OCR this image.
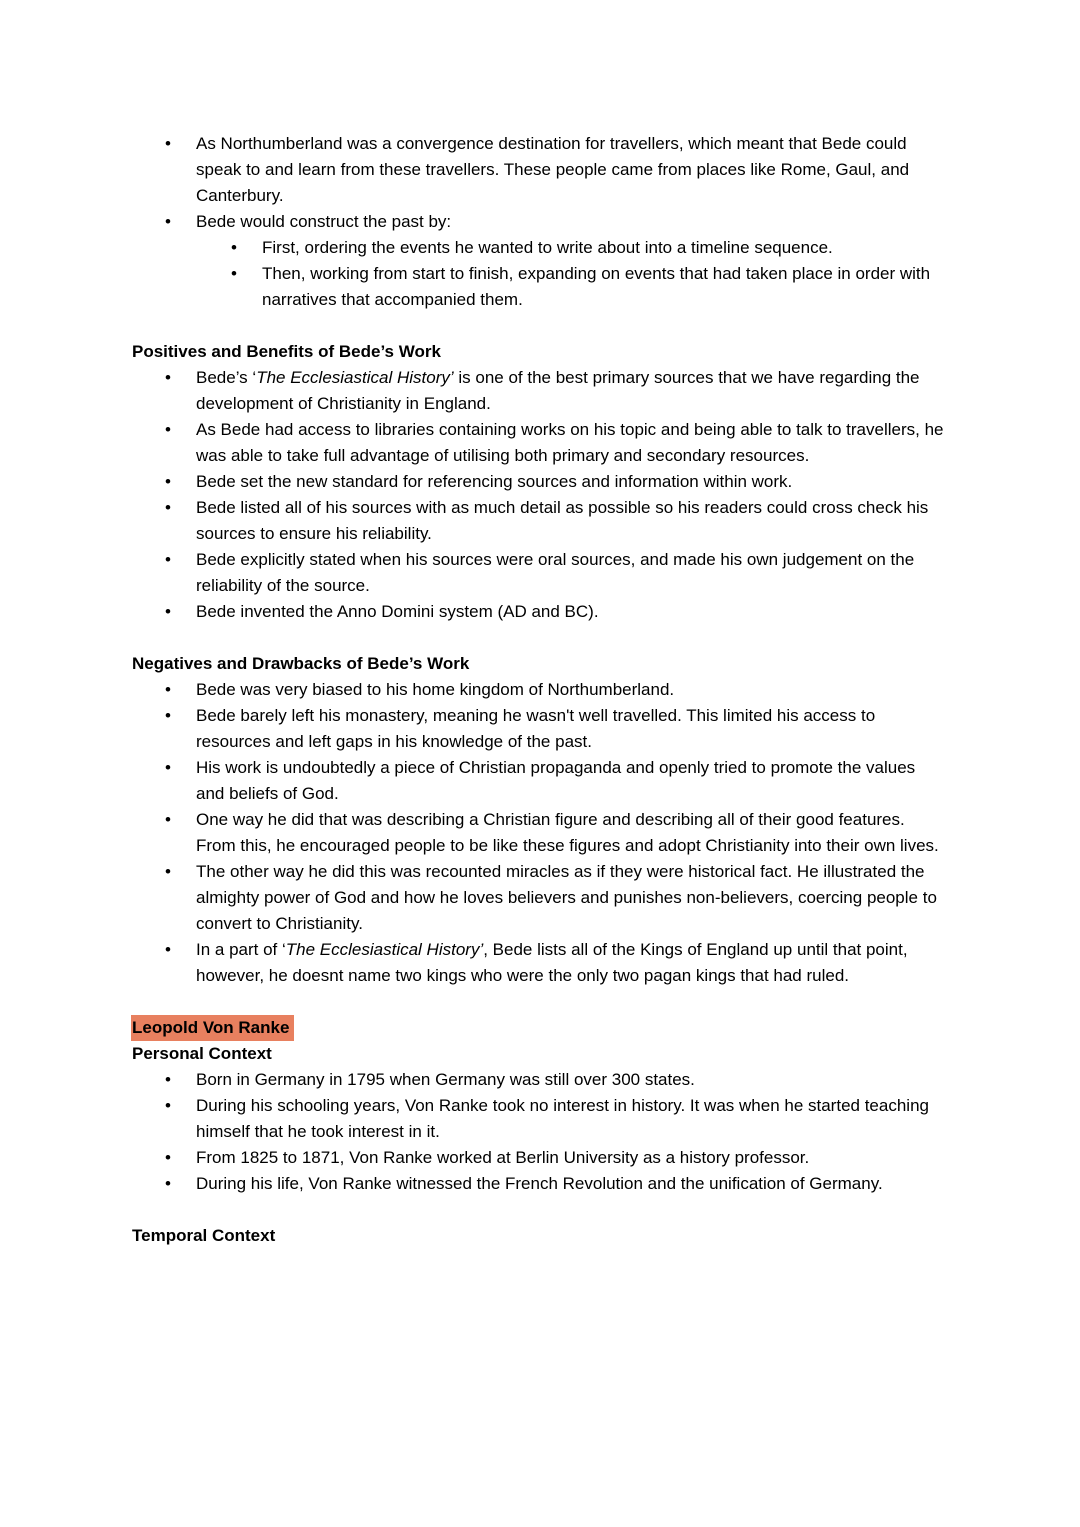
•	As Northumberland was a convergence destination for travellers, which meant that Bede could speak to and learn from these travellers. These people came from places like Rome, Gaul, and Canterbury.
•	Bede would construct the past by:
•	First, ordering the events he wanted to write about into a timeline sequence.
•	Then, working from start to finish, expanding on events that had taken place in order with narratives that accompanied them.

Positives and Benefits of Bede’s Work

•	Bede’s ‘The Ecclesiastical History’ is one of the best primary sources that we have regarding the development of Christianity in England.
•	As Bede had access to libraries containing works on his topic and being able to talk to travellers, he was able to take full advantage of utilising both primary and secondary resources.
•	Bede set the new standard for referencing sources and information within work.
•	Bede listed all of his sources with as much detail as possible so his readers could cross check his sources to ensure his reliability.
•	Bede explicitly stated when his sources were oral sources, and made his own judgement on the reliability of the source.
•	Bede invented the Anno Domini system (AD and BC).

Negatives and Drawbacks of Bede’s Work

•	Bede was very biased to his home kingdom of Northumberland.
•	Bede barely left his monastery, meaning he wasn't well travelled. This limited his access to resources and left gaps in his knowledge of the past.
•	His work is undoubtedly a piece of Christian propaganda and openly tried to promote the values and beliefs of God.
•	One way he did that was describing a Christian figure and describing all of their good features. From this, he encouraged people to be like these figures and adopt Christianity into their own lives.
•	The other way he did this was recounted miracles as if they were historical fact. He illustrated the almighty power of God and how he loves believers and punishes non-believers, coercing people to convert to Christianity.
•	In a part of ‘The Ecclesiastical History’, Bede lists all of the Kings of England up until that point, however, he doesnt name two kings who were the only two pagan kings that had ruled.

Leopold Von Ranke

Personal Context

•	Born in Germany in 1795 when Germany was still over 300 states.
•	During his schooling years, Von Ranke took no interest in history. It was when he started teaching himself that he took interest in it.
•	From 1825 to 1871, Von Ranke worked at Berlin University as a history professor.
•	During his life, Von Ranke witnessed the French Revolution and the unification of Germany.

Temporal Context
